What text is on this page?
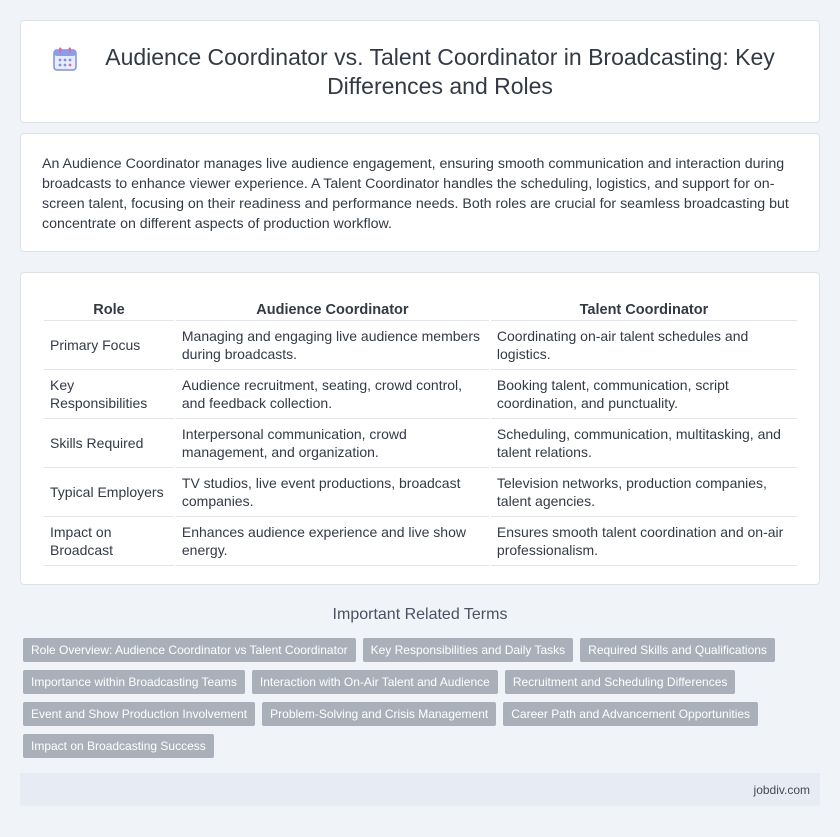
Audience Coordinator vs. Talent Coordinator in Broadcasting: Key Differences and Roles

An Audience Coordinator manages live audience engagement, ensuring smooth communication and interaction during broadcasts to enhance viewer experience. A Talent Coordinator handles the scheduling, logistics, and support for on-screen talent, focusing on their readiness and performance needs. Both roles are crucial for seamless broadcasting but concentrate on different aspects of production workflow.

Role	Audience Coordinator	Talent Coordinator
Primary Focus	Managing and engaging live audience members during broadcasts.	Coordinating on-air talent schedules and logistics.
Key Responsibilities	Audience recruitment, seating, crowd control, and feedback collection.	Booking talent, communication, script coordination, and punctuality.
Skills Required	Interpersonal communication, crowd management, and organization.	Scheduling, communication, multitasking, and talent relations.
Typical Employers	TV studios, live event productions, broadcast companies.	Television networks, production companies, talent agencies.
Impact on Broadcast	Enhances audience experience and live show energy.	Ensures smooth talent coordination and on-air professionalism.
Important Related Terms
Role Overview: Audience Coordinator vs Talent Coordinator	Key Responsibilities and Daily Tasks	Required Skills and Qualifications
Importance within Broadcasting Teams	Interaction with On-Air Talent and Audience	Recruitment and Scheduling Differences
Event and Show Production Involvement	Problem-Solving and Crisis Management	Career Path and Advancement Opportunities
Impact on Broadcasting Success
jobdiv.com
